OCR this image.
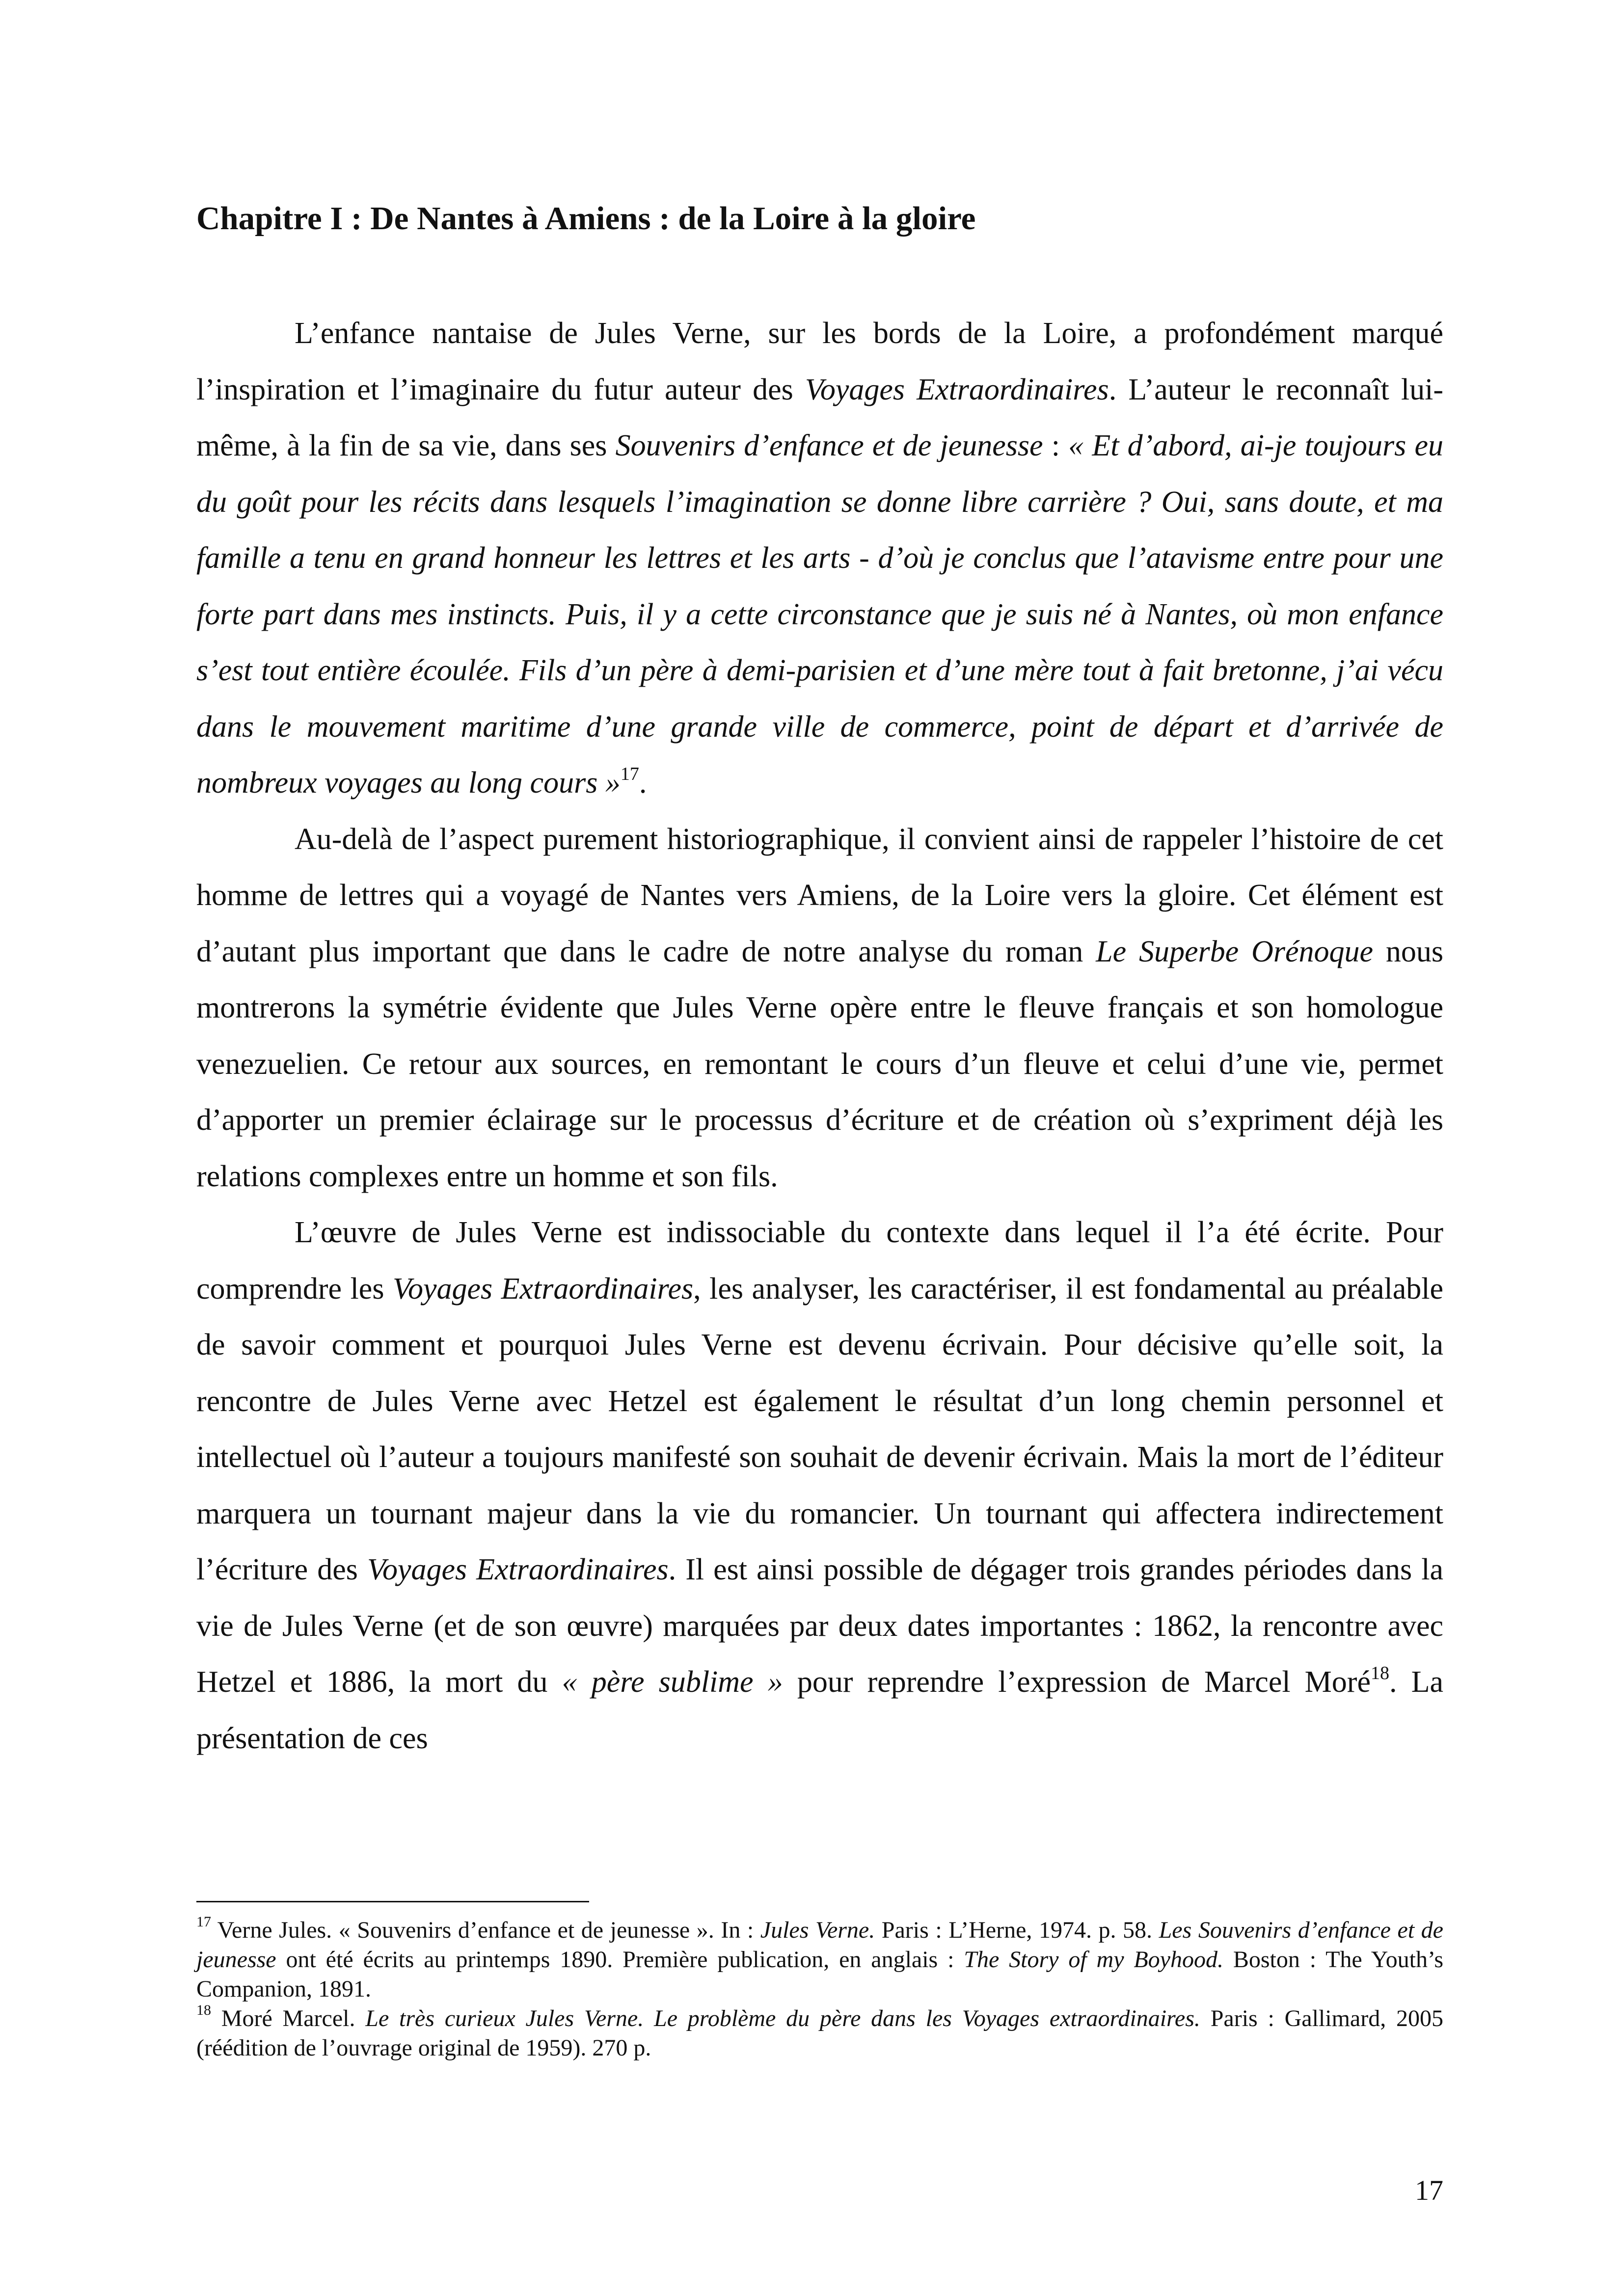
Chapitre I : De Nantes à Amiens : de la Loire à la gloire

L’enfance nantaise de Jules Verne, sur les bords de la Loire, a profondément marqué l’inspiration et l’imaginaire du futur auteur des Voyages Extraordinaires. L’auteur le reconnaît lui-même, à la fin de sa vie, dans ses Souvenirs d’enfance et de jeunesse : « Et d’abord, ai-je toujours eu du goût pour les récits dans lesquels l’imagination se donne libre carrière ? Oui, sans doute, et ma famille a tenu en grand honneur les lettres et les arts - d’où je conclus que l’atavisme entre pour une forte part dans mes instincts. Puis, il y a cette circonstance que je suis né à Nantes, où mon enfance s’est tout entière écoulée. Fils d’un père à demi-parisien et d’une mère tout à fait bretonne, j’ai vécu dans le mouvement maritime d’une grande ville de commerce, point de départ et d’arrivée de nombreux voyages au long cours »$^{17}$.

Au-delà de l’aspect purement historiographique, il convient ainsi de rappeler l’histoire de cet homme de lettres qui a voyagé de Nantes vers Amiens, de la Loire vers la gloire. Cet élément est d’autant plus important que dans le cadre de notre analyse du roman Le Superbe Orénoque nous montrerons la symétrie évidente que Jules Verne opère entre le fleuve français et son homologue venezuelien. Ce retour aux sources, en remontant le cours d’un fleuve et celui d’une vie, permet d’apporter un premier éclairage sur le processus d’écriture et de création où s’expriment déjà les relations complexes entre un homme et son fils.

L’œuvre de Jules Verne est indissociable du contexte dans lequel il l’a été écrite. Pour comprendre les Voyages Extraordinaires, les analyser, les caractériser, il est fondamental au préalable de savoir comment et pourquoi Jules Verne est devenu écrivain. Pour décisive qu’elle soit, la rencontre de Jules Verne avec Hetzel est également le résultat d’un long chemin personnel et intellectuel où l’auteur a toujours manifesté son souhait de devenir écrivain. Mais la mort de l’éditeur marquera un tournant majeur dans la vie du romancier. Un tournant qui affectera indirectement l’écriture des Voyages Extraordinaires. Il est ainsi possible de dégager trois grandes périodes dans la vie de Jules Verne (et de son œuvre) marquées par deux dates importantes : 1862, la rencontre avec Hetzel et 1886, la mort du « père sublime » pour reprendre l’expression de Marcel Moré$^{18}$. La présentation de ces

$^{17}$ Verne Jules. « Souvenirs d’enfance et de jeunesse ». In : Jules Verne. Paris : L’Herne, 1974. p. 58. Les Souvenirs d’enfance et de jeunesse ont été écrits au printemps 1890. Première publication, en anglais : The Story of my Boyhood. Boston : The Youth’s Companion, 1891.

$^{18}$ Moré Marcel. Le très curieux Jules Verne. Le problème du père dans les Voyages extraordinaires. Paris : Gallimard, 2005 (réédition de l’ouvrage original de 1959). 270 p.

17
